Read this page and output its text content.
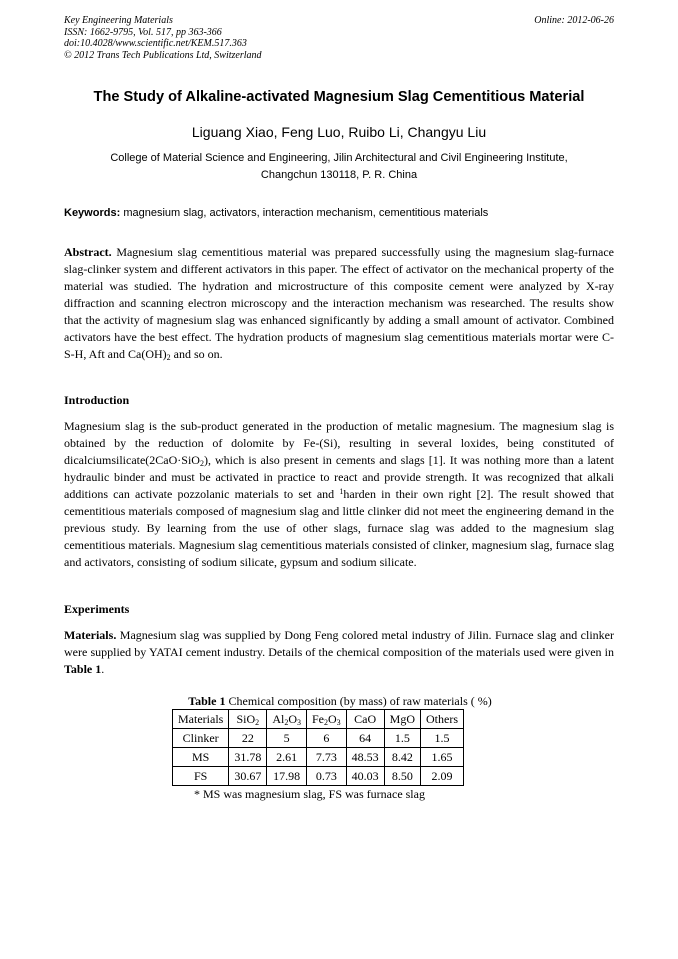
Key Engineering Materials
ISSN: 1662-9795, Vol. 517, pp 363-366
doi:10.4028/www.scientific.net/KEM.517.363
© 2012 Trans Tech Publications Ltd, Switzerland
Online: 2012-06-26
The Study of Alkaline-activated Magnesium Slag Cementitious Material
Liguang Xiao, Feng Luo, Ruibo Li, Changyu Liu
College of Material Science and Engineering, Jilin Architectural and Civil Engineering Institute,
Changchun 130118, P. R. China
Keywords: magnesium slag, activators, interaction mechanism, cementitious materials
Abstract. Magnesium slag cementitious material was prepared successfully using the magnesium slag-furnace slag-clinker system and different activators in this paper. The effect of activator on the mechanical property of the material was studied. The hydration and microstructure of this composite cement were analyzed by X-ray diffraction and scanning electron microscopy and the interaction mechanism was researched. The results show that the activity of magnesium slag was enhanced significantly by adding a small amount of activator. Combined activators have the best effect. The hydration products of magnesium slag cementitious materials mortar were C-S-H, Aft and $Ca(OH)_2$ and so on.
Introduction
Magnesium slag is the sub-product generated in the production of metalic magnesium. The magnesium slag is obtained by the reduction of dolomite by Fe-(Si), resulting in several loxides, being constituted of dicalciumsilicate(2CaO·SiO$_2$), which is also present in cements and slags [1]. It was nothing more than a latent hydraulic binder and must be activated in practice to react and provide strength. It was recognized that alkali additions can activate pozzolanic materials to set and $^1$harden in their own right [2]. The result showed that cementitious materials composed of magnesium slag and little clinker did not meet the engineering demand in the previous study. By learning from the use of other slags, furnace slag was added to the magnesium slag cementitious materials. Magnesium slag cementitious materials consisted of clinker, magnesium slag, furnace slag and activators, consisting of sodium silicate, gypsum and sodium silicate.
Experiments
Materials. Magnesium slag was supplied by Dong Feng colored metal industry of Jilin. Furnace slag and clinker were supplied by YATAI cement industry. Details of the chemical composition of the materials used were given in Table 1.
Table 1 Chemical composition (by mass) of raw materials ( %)
Materials	SiO$_2$	$Al_2O_3$	$Fe_2O_3$	CaO	MgO	Others
Clinker	22	5	6	64	1.5	1.5
MS	31.78	2.61	7.73	48.53	8.42	1.65
FS	30.67	17.98	0.73	40.03	8.50	2.09
* MS was magnesium slag, FS was furnace slag
